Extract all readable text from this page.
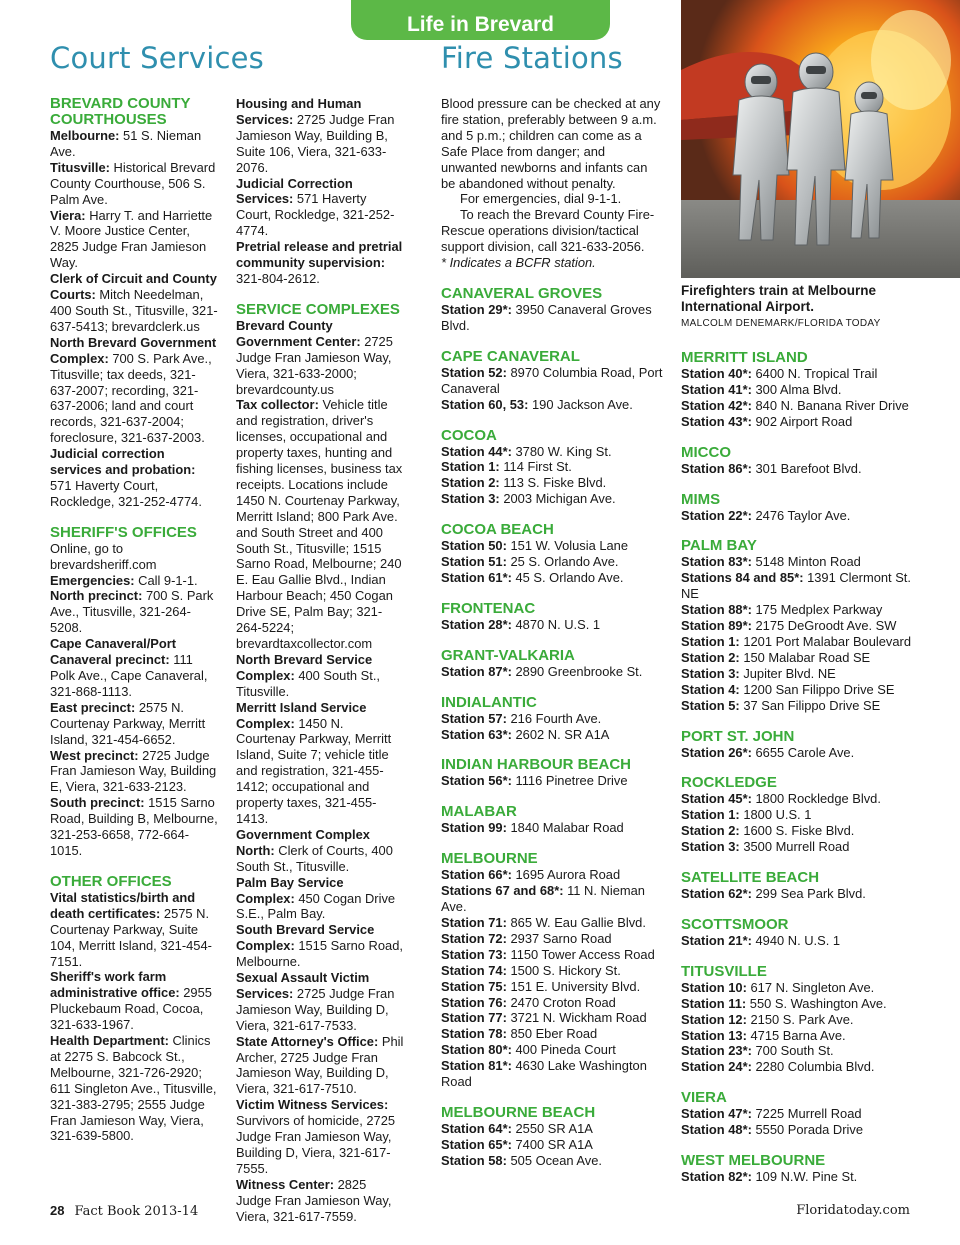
Life in Brevard
Court Services	Fire Stations

BREVARD COUNTY COURTHOUSES

Melbourne: 51 S. Nieman Ave.

Titusville: Historical Brevard County Courthouse, 506 S. Palm Ave.

Viera: Harry T. and Harriette V. Moore Justice Center, 2825 Judge Fran Jamieson Way.

Clerk of Circuit and County Courts: Mitch Needelman, 400 South St., Titusville, 321-637-5413; brevardclerk.us

North Brevard Government Complex: 700 S. Park Ave., Titusville; tax deeds, 321-637-2007; recording, 321-637-2006; land and court records, 321-637-2004; foreclosure, 321-637-2003.

Judicial correction services and probation: 571 Haverty Court, Rockledge, 321-252-4774.

SHERIFF'S OFFICES

Online, go to brevardsheriff.com

Emergencies: Call 9-1-1.

North precinct: 700 S. Park Ave., Titusville, 321-264-5208.

Cape Canaveral/Port Canaveral precinct: 111 Polk Ave., Cape Canaveral, 321-868-1113.

East precinct: 2575 N. Courtenay Parkway, Merritt Island, 321-454-6652.

West precinct: 2725 Judge Fran Jamieson Way, Building E, Viera, 321-633-2123.

South precinct: 1515 Sarno Road, Building B, Melbourne, 321-253-6658, 772-664-1015.

OTHER OFFICES

Vital statistics/birth and death certificates: 2575 N. Courtenay Parkway, Suite 104, Merritt Island, 321-454-7151.

Sheriff's work farm administrative office: 2955 Pluckebaum Road, Cocoa, 321-633-1967.

Health Department: Clinics at 2275 S. Babcock St., Melbourne, 321-726-2920; 611 Singleton Ave., Titusville, 321-383-2795; 2555 Judge Fran Jamieson Way, Viera, 321-639-5800.

Housing and Human Services: 2725 Judge Fran Jamieson Way, Building B, Suite 106, Viera, 321-633-2076.

Judicial Correction Services: 571 Haverty Court, Rockledge, 321-252-4774.

Pretrial release and pretrial community supervision: 321-804-2612.

SERVICE COMPLEXES

Brevard County Government Center: 2725 Judge Fran Jamieson Way, Viera, 321-633-2000; brevardcounty.us

Tax collector: Vehicle title and registration, driver's licenses, occupational and property taxes, hunting and fishing licenses, business tax receipts. Locations include 1450 N. Courtenay Parkway, Merritt Island; 800 Park Ave. and South Street and 400 South St., Titusville; 1515 Sarno Road, Melbourne; 240 E. Eau Gallie Blvd., Indian Harbour Beach; 450 Cogan Drive SE, Palm Bay; 321-264-5224; brevardtaxcollector.com

North Brevard Service Complex: 400 South St., Titusville.

Merritt Island Service Complex: 1450 N. Courtenay Parkway, Merritt Island, Suite 7; vehicle title and registration, 321-455-1412; occupational and property taxes, 321-455-1413.

Government Complex North: Clerk of Courts, 400 South St., Titusville.

Palm Bay Service Complex: 450 Cogan Drive S.E., Palm Bay.

South Brevard Service Complex: 1515 Sarno Road, Melbourne.

Sexual Assault Victim Services: 2725 Judge Fran Jamieson Way, Building D, Viera, 321-617-7533.

State Attorney's Office: Phil Archer, 2725 Judge Fran Jamieson Way, Building D, Viera, 321-617-7510.

Victim Witness Services: Survivors of homicide, 2725 Judge Fran Jamieson Way, Building D, Viera, 321-617-7555.

Witness Center: 2825 Judge Fran Jamieson Way, Viera, 321-617-7559.

Blood pressure can be checked at any fire station, preferably between 9 a.m. and 5 p.m.; children can come as a Safe Place from danger; and unwanted newborns and infants can be abandoned without penalty.

For emergencies, dial 9-1-1.

To reach the Brevard County Fire-Rescue operations division/tactical support division, call 321-633-2056.

* Indicates a BCFR station.

CANAVERAL GROVES

Station 29*: 3950 Canaveral Groves Blvd.

CAPE CANAVERAL

Station 52: 8970 Columbia Road, Port Canaveral

Station 60, 53: 190 Jackson Ave.

COCOA

Station 44*: 3780 W. King St.

Station 1: 114 First St.

Station 2: 113 S. Fiske Blvd.

Station 3: 2003 Michigan Ave.

COCOA BEACH

Station 50: 151 W. Volusia Lane

Station 51: 25 S. Orlando Ave.

Station 61*: 45 S. Orlando Ave.

FRONTENAC

Station 28*: 4870 N. U.S. 1

GRANT-VALKARIA

Station 87*: 2890 Greenbrooke St.

INDIALANTIC

Station 57: 216 Fourth Ave.

Station 63*: 2602 N. SR A1A

INDIAN HARBOUR BEACH

Station 56*: 1116 Pinetree Drive

MALABAR

Station 99: 1840 Malabar Road

MELBOURNE

Station 66*: 1695 Aurora Road

Stations 67 and 68*: 11 N. Nieman Ave.

Station 71: 865 W. Eau Gallie Blvd.

Station 72: 2937 Sarno Road

Station 73: 1150 Tower Access Road

Station 74: 1500 S. Hickory St.

Station 75: 151 E. University Blvd.

Station 76: 2470 Croton Road

Station 77: 3721 N. Wickham Road

Station 78: 850 Eber Road

Station 80*: 400 Pineda Court

Station 81*: 4630 Lake Washington Road

MELBOURNE BEACH

Station 64*: 2550 SR A1A

Station 65*: 7400 SR A1A

Station 58: 505 Ocean Ave.

Firefighters train at Melbourne International Airport.
MALCOLM DENEMARK/FLORIDA TODAY

MERRITT ISLAND

Station 40*: 6400 N. Tropical Trail

Station 41*: 300 Alma Blvd.

Station 42*: 840 N. Banana River Drive

Station 43*: 902 Airport Road

MICCO

Station 86*: 301 Barefoot Blvd.

MIMS

Station 22*: 2476 Taylor Ave.

PALM BAY

Station 83*: 5148 Minton Road

Stations 84 and 85*: 1391 Clermont St. NE

Station 88*: 175 Medplex Parkway

Station 89*: 2175 DeGroodt Ave. SW

Station 1: 1201 Port Malabar Boulevard

Station 2: 150 Malabar Road SE

Station 3: Jupiter Blvd. NE

Station 4: 1200 San Filippo Drive SE

Station 5: 37 San Filippo Drive SE

PORT ST. JOHN

Station 26*: 6655 Carole Ave.

ROCKLEDGE

Station 45*: 1800 Rockledge Blvd.

Station 1: 1800 U.S. 1

Station 2: 1600 S. Fiske Blvd.

Station 3: 3500 Murrell Road

SATELLITE BEACH

Station 62*: 299 Sea Park Blvd.

SCOTTSMOOR

Station 21*: 4940 N. U.S. 1

TITUSVILLE

Station 10: 617 N. Singleton Ave.

Station 11: 550 S. Washington Ave.

Station 12: 2150 S. Park Ave.

Station 13: 4715 Barna Ave.

Station 23*: 700 South St.

Station 24*: 2280 Columbia Blvd.

VIERA

Station 47*: 7225 Murrell Road

Station 48*: 5550 Porada Drive

WEST MELBOURNE

Station 82*: 109 N.W. Pine St.

28 Fact Book 2013-14	Floridatoday.com
